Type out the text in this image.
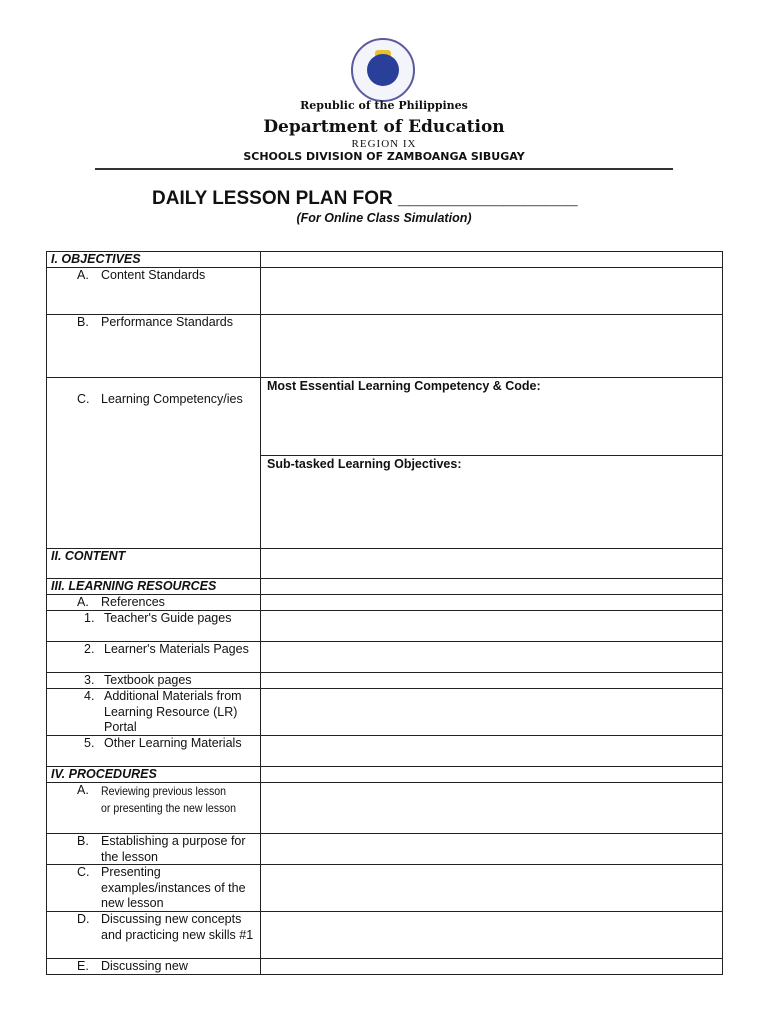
Republic of the Philippines
Department of Education
REGION IX
SCHOOLS DIVISION OF ZAMBOANGA SIBUGAY
DAILY LESSON PLAN FOR _________________
(For Online Class Simulation)
I. OBJECTIVES
A. Content Standards
B. Performance Standards
C. Learning Competency/ies
Most Essential Learning Competency & Code:
Sub-tasked Learning Objectives:
II. CONTENT
III. LEARNING RESOURCES
A. References
1. Teacher's Guide pages
2. Learner's Materials Pages
3. Textbook pages
4. Additional Materials from Learning Resource (LR) Portal
5. Other Learning Materials
IV. PROCEDURES
A.	Reviewing previous lesson or presenting the new lesson
B. Establishing a purpose for the lesson
C. Presenting examples/instances of the new lesson
D. Discussing new concepts and practicing new skills #1
E. Discussing new
